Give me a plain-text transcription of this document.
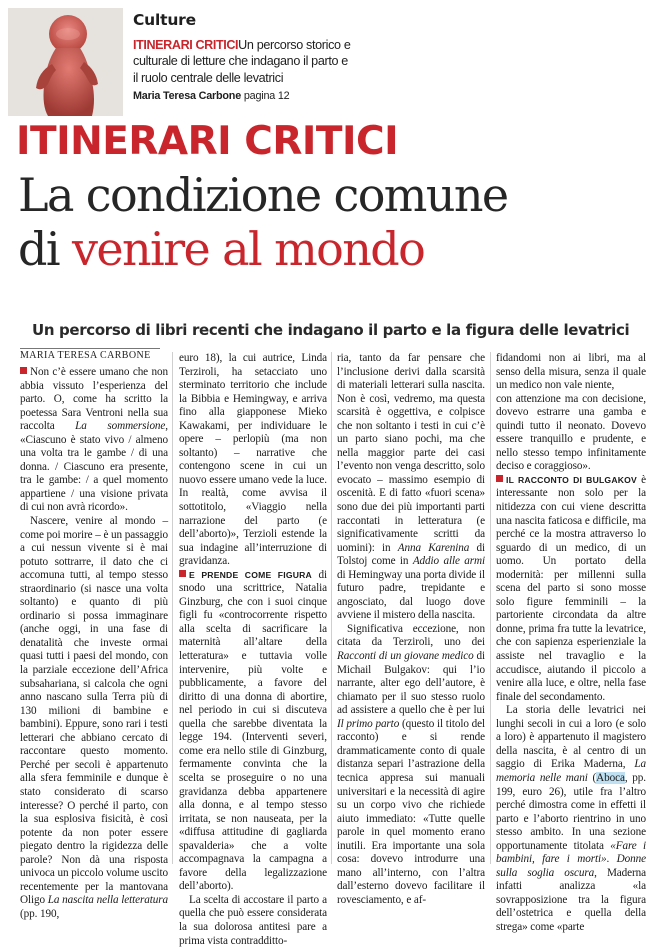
Culture
ITINERARI CRITICIUn percorso storico e culturale di letture che indagano il parto e il ruolo centrale delle levatrici
Maria Teresa Carbone pagina 12
ITINERARI CRITICI
La condizione comune
di venire al mondo
Un percorso di libri recenti che indagano il parto e la figura delle levatrici
MARIA TERESA CARBONE

Non c’è essere umano che non abbia vissuto l’esperienza del parto. O, come ha scritto la poetessa Sara Ventroni nella sua raccolta La sommersione, «Ciascuno è stato vivo / almeno una volta tra le gambe / di una donna. / Ciascuno era presente, tra le gambe: / a quel momento appartiene / una visione privata di cui non avrà ricordo».

Nascere, venire al mondo – come poi morire – è un passaggio a cui nessun vivente si è mai potuto sottrarre, il dato che ci accomuna tutti, al tempo stesso straordinario (si nasce una volta soltanto) e quanto di più ordinario si possa immaginare (anche oggi, in una fase di denatalità che investe ormai quasi tutti i paesi del mondo, con la parziale eccezione dell’Africa subsahariana, si calcola che ogni anno nascano sulla Terra più di 130 milioni di bambine e bambini). Eppure, sono rari i testi letterari che abbiano cercato di raccontare questo momento. Perché per secoli è appartenuto alla sfera femminile e dunque è stato considerato di scarso interesse? O perché il parto, con la sua esplosiva fisicità, è così potente da non poter essere piegato dentro la rigidezza delle parole? Non dà una risposta univoca un piccolo volume uscito recentemente per la mantovana Oligo La nascita nella letteratura (pp. 190,

euro 18), la cui autrice, Linda Terziroli, ha setacciato uno sterminato territorio che include la Bibbia e Hemingway, e arriva fino alla giapponese Mieko Kawakami, per individuare le opere – perlopiù (ma non soltanto) – narrative che contengono scene in cui un nuovo essere umano vede la luce. In realtà, come avvisa il sottotitolo, «Viaggio nella narrazione del parto (e dell’aborto)», Terzioli estende la sua indagine all’interruzione di gravidanza.

E PRENDE COME FIGURA di snodo una scrittrice, Natalia Ginzburg, che con i suoi cinque figli fu «controcorrente rispetto alla scelta di sacrificare la maternità all’altare della letteratura» e tuttavia volle intervenire, più volte e pubblicamente, a favore del diritto di una donna di abortire, nel periodo in cui si discuteva quella che sarebbe diventata la legge 194. (Interventi severi, come era nello stile di Ginzburg, fermamente convinta che la scelta se proseguire o no una gravidanza debba appartenere alla donna, e al tempo stesso irritata, se non nauseata, per la «diffusa attitudine di gagliarda spavalderia» che a volte accompagnava la campagna a favore della legalizzazione dell’aborto).

La scelta di accostare il parto a quella che può essere considerata la sua dolorosa antitesi pare a prima vista contradditto-

ria, tanto da far pensare che l’inclusione derivi dalla scarsità di materiali letterari sulla nascita. Non è così, vedremo, ma questa scarsità è oggettiva, e colpisce che non soltanto i testi in cui c’è un parto siano pochi, ma che nella maggior parte dei casi l’evento non venga descritto, solo evocato – massimo esempio di oscenità. E di fatto «fuori scena» sono due dei più importanti parti raccontati in letteratura (e significativamente scritti da uomini): in Anna Karenina di Tolstoj come in Addio alle armi di Hemingway una porta divide il futuro padre, trepidante e angosciato, dal luogo dove avviene il mistero della nascita.

Significativa eccezione, non citata da Terziroli, uno dei Racconti di un giovane medico di Michail Bulgakov: qui l’io narrante, alter ego dell’autore, è chiamato per il suo stesso ruolo ad assistere a quello che è per lui Il primo parto (questo il titolo del racconto) e si rende drammaticamente conto di quale distanza separi l’astrazione della tecnica appresa sui manuali universitari e la necessità di agire su un corpo vivo che richiede aiuto immediato: «Tutte quelle parole in quel momento erano inutili. Era importante una sola cosa: dovevo introdurre una mano all’interno, con l’altra dall’esterno dovevo facilitare il rovesciamento, e af-

fidandomi non ai libri, ma al senso della misura, senza il quale un medico non vale niente,

con attenzione ma con decisione, dovevo estrarre una gamba e quindi tutto il neonato. Dovevo essere tranquillo e prudente, e nello stesso tempo infinitamente deciso e coraggioso».

IL RACCONTO DI BULGAKOV è interessante non solo per la nitidezza con cui viene descritta una nascita faticosa e difficile, ma perché ce la mostra attraverso lo sguardo di un medico, di un uomo. Un portato della modernità: per millenni sulla scena del parto si sono mosse solo figure femminili – la partoriente circondata da altre donne, prima fra tutte la levatrice, che con sapienza esperienziale la assiste nel travaglio e la accudisce, aiutando il piccolo a venire alla luce, e oltre, nella fase finale del secondamento.

La storia delle levatrici nei lunghi secoli in cui a loro (e solo a loro) è appartenuto il magistero della nascita, è al centro di un saggio di Erika Maderna, La memoria nelle mani (Aboca, pp. 199, euro 26), utile fra l’altro perché dimostra come in effetti il parto e l’aborto rientrino in uno stesso ambito. In una sezione opportunamente titolata «Fare i bambini, fare i morti». Donne sulla soglia oscura, Maderna infatti analizza «la sovrapposizione tra la figura dell’ostetrica e quella della strega» come «parte
